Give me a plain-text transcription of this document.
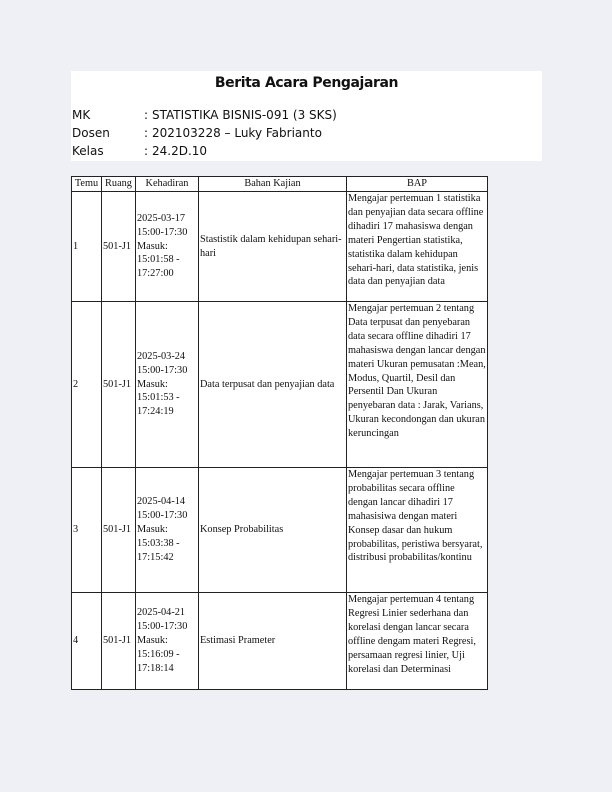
Berita Acara Pengajaran
MK	: STATISTIKA BISNIS-091 (3 SKS)
Dosen	: 202103228 – Luky Fabrianto
Kelas	: 24.2D.10
Temu	Ruang	Kehadiran	Bahan Kajian	BAP
1	501-J1	2025-03-17 15:00-17:30 Masuk: 15:01:58 - 17:27:00	Stastistik dalam kehidupan sehari-hari	Mengajar pertemuan 1 statistika dan penyajian data secara offline dihadiri 17 mahasiswa dengan materi Pengertian statistika, statistika dalam kehidupan sehari-hari, data statistika, jenis data dan penyajian data
2	501-J1	2025-03-24 15:00-17:30 Masuk: 15:01:53 - 17:24:19	Data terpusat dan penyajian data	Mengajar pertemuan 2 tentang Data terpusat dan penyebaran data secara offline dihadiri 17 mahasiswa dengan lancar dengan materi Ukuran pemusatan :Mean, Modus, Quartil, Desil dan Persentil Dan Ukuran penyebaran data : Jarak, Varians, Ukuran kecondongan dan ukuran keruncingan
3	501-J1	2025-04-14 15:00-17:30 Masuk: 15:03:38 - 17:15:42	Konsep Probabilitas	Mengajar pertemuan 3 tentang probabilitas secara offline dengan lancar dihadiri 17 mahasisiwa dengan materi Konsep dasar dan hukum probabilitas, peristiwa bersyarat, distribusi probabilitas/kontinu
4	501-J1	2025-04-21 15:00-17:30 Masuk: 15:16:09 - 17:18:14	Estimasi Prameter	Mengajar pertemuan 4 tentang Regresi Linier sederhana dan korelasi dengan lancar secara offline dengam materi Regresi, persamaan regresi linier, Uji korelasi dan Determinasi
